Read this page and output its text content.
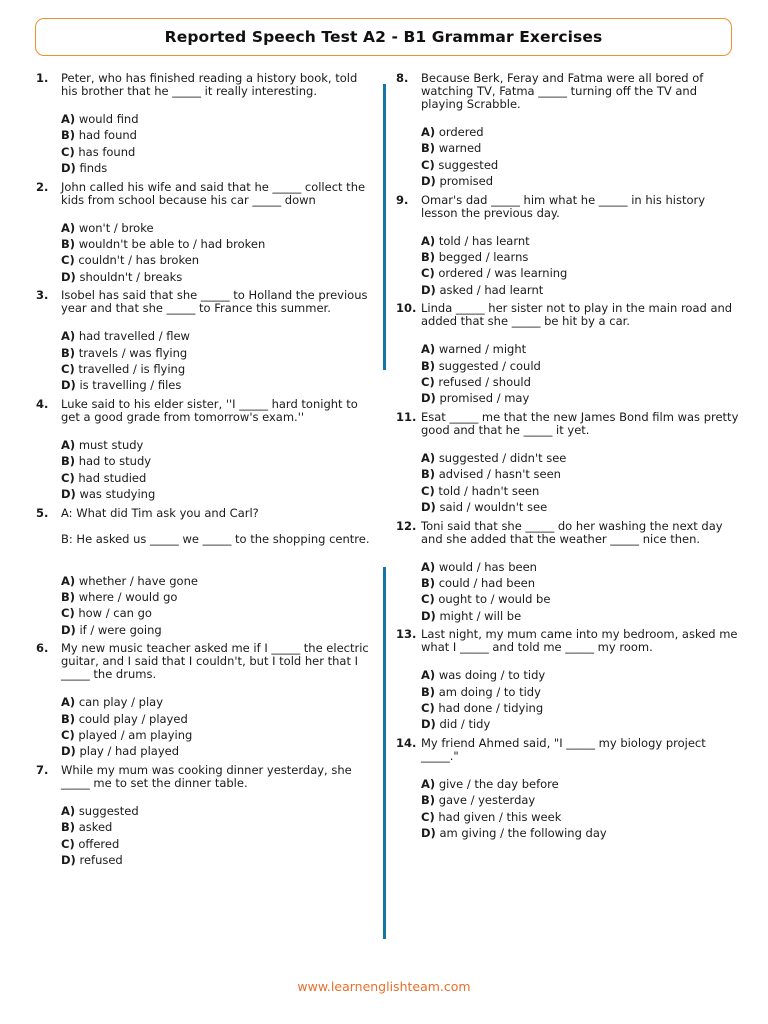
Reported Speech Test A2 - B1 Grammar Exercises
1. Peter, who has finished reading a history book, told his brother that he _____ it really interesting.

A) would find
B) had found
C) has found
D) finds
2. John called his wife and said that he _____ collect the kids from school because his car _____ down

A) won't / broke
B) wouldn't be able to / had broken
C) couldn't / has broken
D) shouldn't / breaks
3. Isobel has said that she _____ to Holland the previous year and that she _____ to France this summer.

A) had travelled / flew
B) travels / was flying
C) travelled / is flying
D) is travelling / files
4. Luke said to his elder sister, ''I _____ hard tonight to get a good grade from tomorrow's exam.''

A) must study
B) had to study
C) had studied
D) was studying
5. A: What did Tim ask you and Carl?

B: He asked us _____ we _____ to the shopping centre.

A) whether / have gone
B) where / would go
C) how / can go
D) if / were going
6. My new music teacher asked me if I _____ the electric guitar, and I said that I couldn't, but I told her that I _____ the drums.

A) can play / play
B) could play / played
C) played / am playing
D) play / had played
7. While my mum was cooking dinner yesterday, she _____ me to set the dinner table.

A) suggested
B) asked
C) offered
D) refused
8. Because Berk, Feray and Fatma were all bored of watching TV, Fatma _____ turning off the TV and playing Scrabble.

A) ordered
B) warned
C) suggested
D) promised
9. Omar's dad _____ him what he _____ in his history lesson the previous day.

A) told / has learnt
B) begged / learns
C) ordered / was learning
D) asked / had learnt
10. Linda _____ her sister not to play in the main road and added that she _____ be hit by a car.

A) warned / might
B) suggested / could
C) refused / should
D) promised / may
11. Esat _____ me that the new James Bond film was pretty good and that he _____ it yet.

A) suggested / didn't see
B) advised / hasn't seen
C) told / hadn't seen
D) said / wouldn't see
12. Toni said that she _____ do her washing the next day and she added that the weather _____ nice then.

A) would / has been
B) could / had been
C) ought to / would be
D) might / will be
13. Last night, my mum came into my bedroom, asked me what I _____ and told me _____ my room.

A) was doing / to tidy
B) am doing / to tidy
C) had done / tidying
D) did / tidy
14. My friend Ahmed said, "I _____ my biology project _____."

A) give / the day before
B) gave / yesterday
C) had given / this week
D) am giving / the following day
www.learnenglishteam.com
